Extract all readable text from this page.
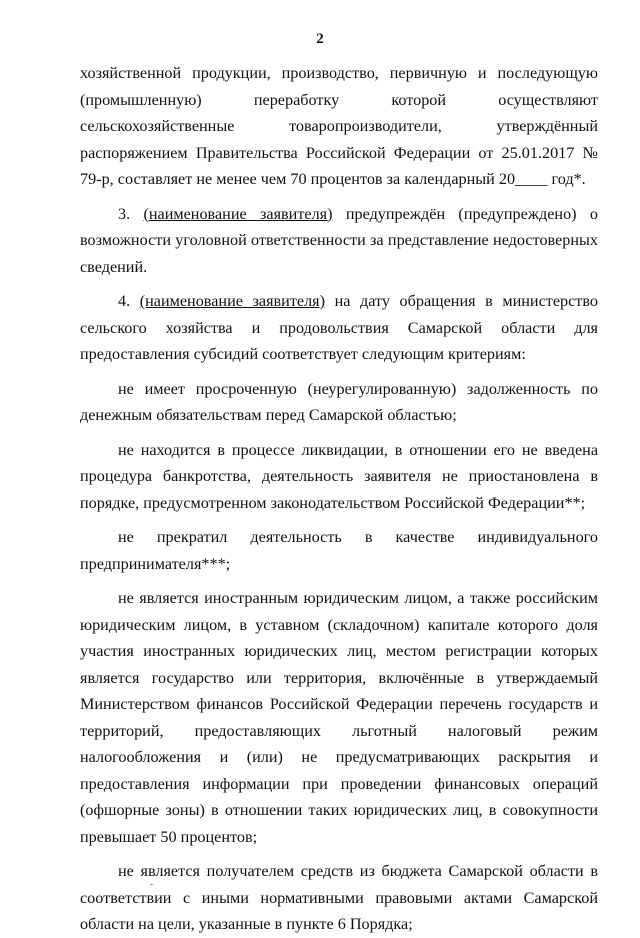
2

хозяйственной продукции, производство, первичную и последующую (промышленную) переработку которой осуществляют сельскохозяйственные товаропроизводители, утверждённый распоряжением Правительства Российской Федерации от 25.01.2017 № 79-р, составляет не менее чем 70 процентов за календарный 20____ год*.

3. (наименование заявителя) предупреждён (предупреждено) о возможности уголовной ответственности за представление недостоверных сведений.

4. (наименование заявителя) на дату обращения в министерство сельского хозяйства и продовольствия Самарской области для предоставления субсидий соответствует следующим критериям:

не имеет просроченную (неурегулированную) задолженность по денежным обязательствам перед Самарской областью;

не находится в процессе ликвидации, в отношении его не введена процедура банкротства, деятельность заявителя не приостановлена в порядке, предусмотренном законодательством Российской Федерации**;

не прекратил деятельность в качестве индивидуального предпринимателя***;

не является иностранным юридическим лицом, а также российским юридическим лицом, в уставном (складочном) капитале которого доля участия иностранных юридических лиц, местом регистрации которых является государство или территория, включённые в утверждаемый Министерством финансов Российской Федерации перечень государств и территорий, предоставляющих льготный налоговый режим налогообложения и (или) не предусматривающих раскрытия и предоставления информации при проведении финансовых операций (офшорные зоны) в отношении таких юридических лиц, в совокупности превышает 50 процентов;

не является получателем средств из бюджета Самарской области в соответствии с иными нормативными правовыми актами Самарской области на цели, указанные в пункте 6 Порядка;
